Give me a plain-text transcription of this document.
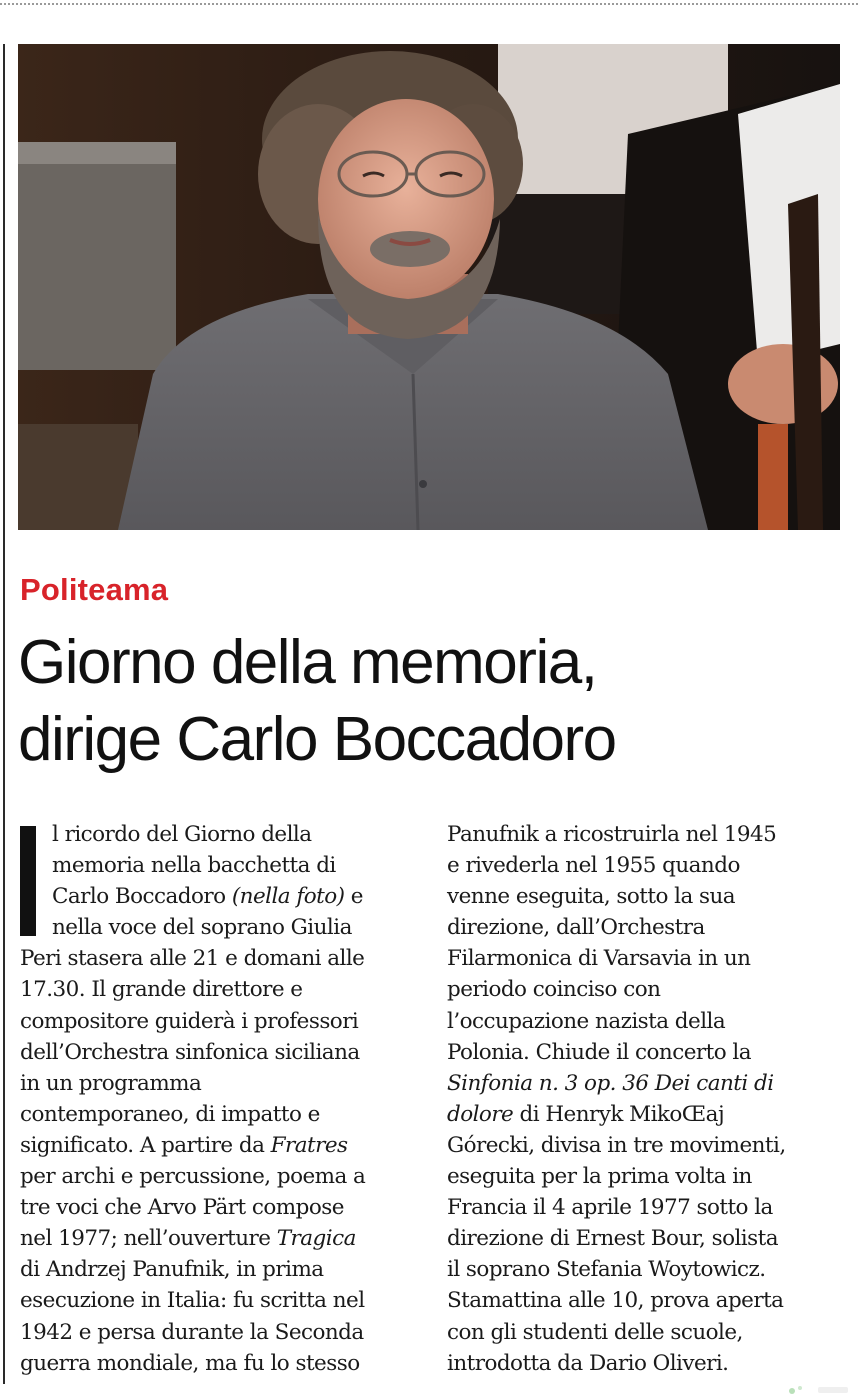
Politeama
Giorno della memoria,
dirige Carlo Boccadoro
l ricordo del Giorno della
memoria nella bacchetta di
Carlo Boccadoro (nella foto) e
nella voce del soprano Giulia
Peri stasera alle 21 e domani alle
17.30. Il grande direttore e
compositore guiderà i professori
dell’Orchestra sinfonica siciliana
in un programma
contemporaneo, di impatto e
significato. A partire da Fratres
per archi e percussione, poema a
tre voci che Arvo Pärt compose
nel 1977; nell’ouverture Tragica
di Andrzej Panufnik, in prima
esecuzione in Italia: fu scritta nel
1942 e persa durante la Seconda
guerra mondiale, ma fu lo stesso
Panufnik a ricostruirla nel 1945
e rivederla nel 1955 quando
venne eseguita, sotto la sua
direzione, dall’Orchestra
Filarmonica di Varsavia in un
periodo coinciso con
l’occupazione nazista della
Polonia. Chiude il concerto la
Sinfonia n. 3 op. 36 Dei canti di
dolore di Henryk MikoŒaj
Górecki, divisa in tre movimenti,
eseguita per la prima volta in
Francia il 4 aprile 1977 sotto la
direzione di Ernest Bour, solista
il soprano Stefania Woytowicz.
Stamattina alle 10, prova aperta
con gli studenti delle scuole,
introdotta da Dario Oliveri.
